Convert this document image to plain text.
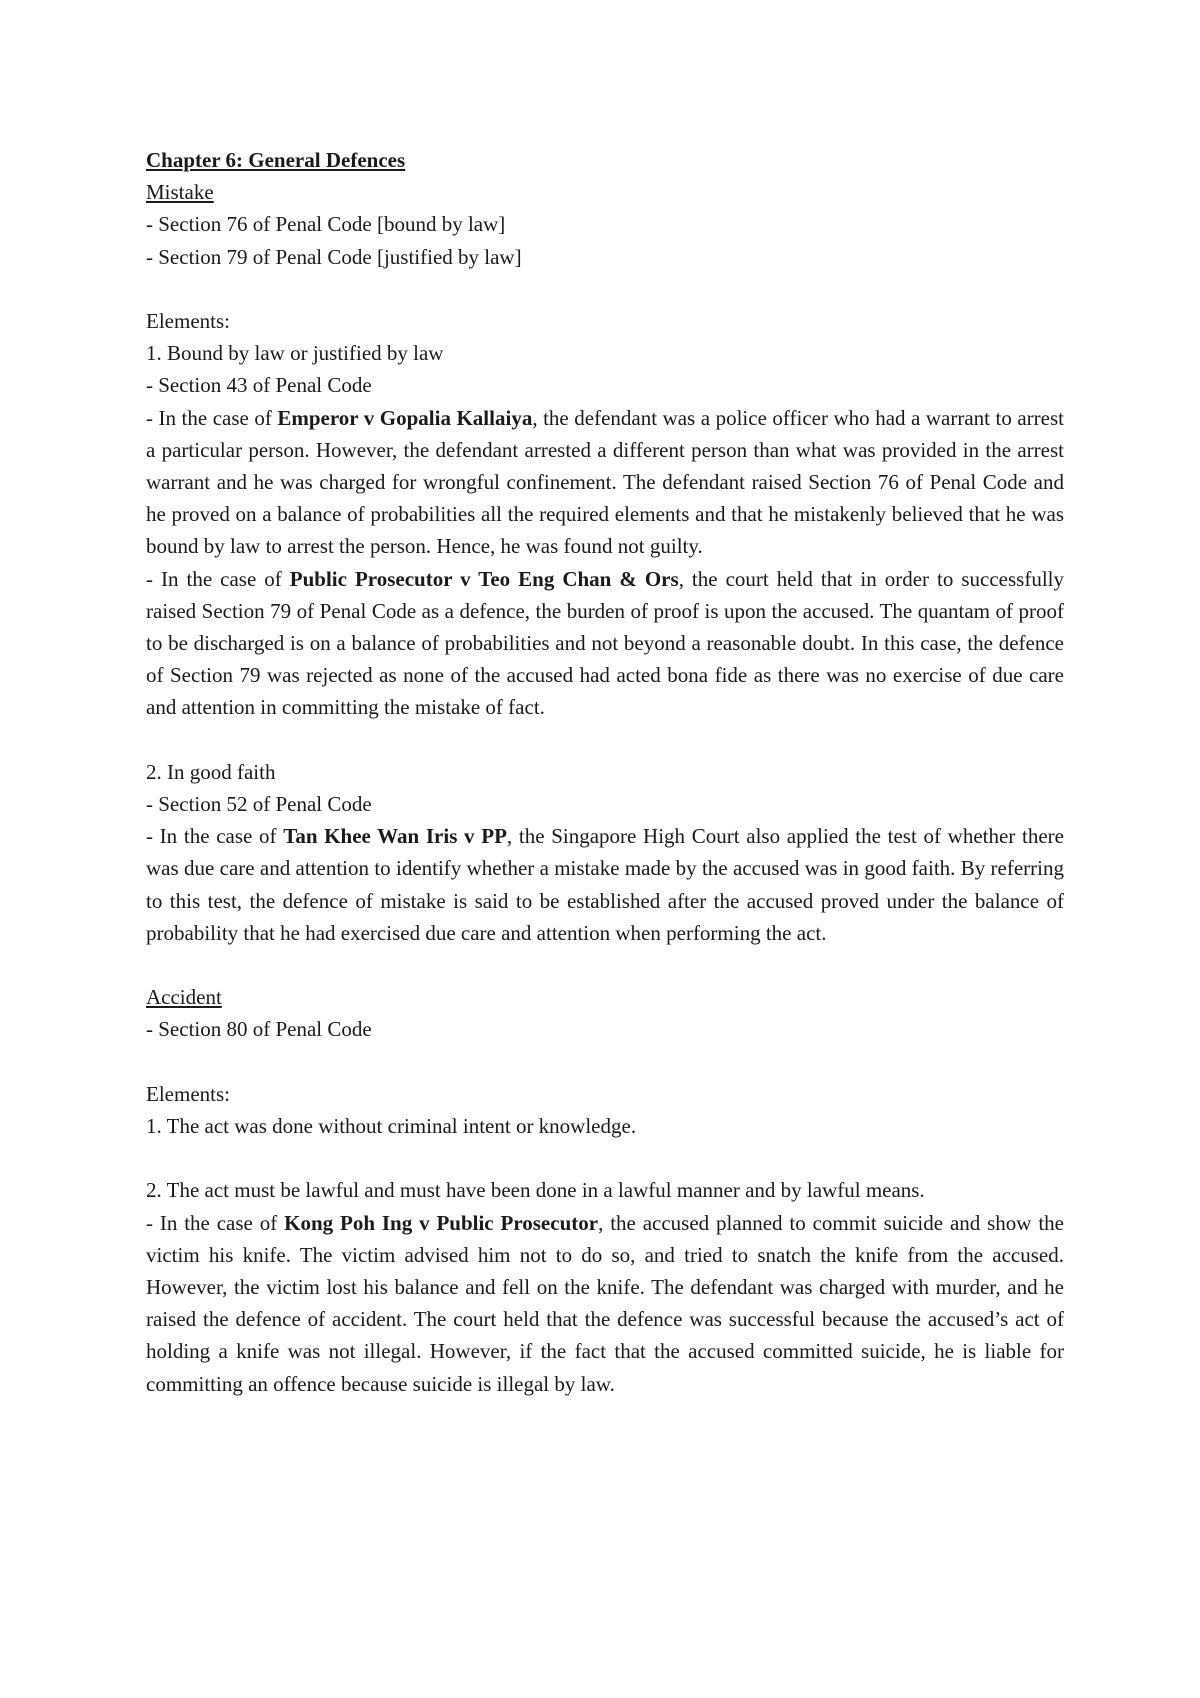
Chapter 6: General Defences
Mistake
- Section 76 of Penal Code [bound by law]
- Section 79 of Penal Code [justified by law]
Elements:
1. Bound by law or justified by law
- Section 43 of Penal Code
- In the case of Emperor v Gopalia Kallaiya, the defendant was a police officer who had a warrant to arrest a particular person. However, the defendant arrested a different person than what was provided in the arrest warrant and he was charged for wrongful confinement. The defendant raised Section 76 of Penal Code and he proved on a balance of probabilities all the required elements and that he mistakenly believed that he was bound by law to arrest the person. Hence, he was found not guilty.
- In the case of Public Prosecutor v Teo Eng Chan & Ors, the court held that in order to successfully raised Section 79 of Penal Code as a defence, the burden of proof is upon the accused. The quantam of proof to be discharged is on a balance of probabilities and not beyond a reasonable doubt. In this case, the defence of Section 79 was rejected as none of the accused had acted bona fide as there was no exercise of due care and attention in committing the mistake of fact.
2. In good faith
- Section 52 of Penal Code
- In the case of Tan Khee Wan Iris v PP, the Singapore High Court also applied the test of whether there was due care and attention to identify whether a mistake made by the accused was in good faith. By referring to this test, the defence of mistake is said to be established after the accused proved under the balance of probability that he had exercised due care and attention when performing the act.
Accident
- Section 80 of Penal Code
Elements:
1. The act was done without criminal intent or knowledge.
2. The act must be lawful and must have been done in a lawful manner and by lawful means.
- In the case of Kong Poh Ing v Public Prosecutor, the accused planned to commit suicide and show the victim his knife. The victim advised him not to do so, and tried to snatch the knife from the accused. However, the victim lost his balance and fell on the knife. The defendant was charged with murder, and he raised the defence of accident. The court held that the defence was successful because the accused’s act of holding a knife was not illegal. However, if the fact that the accused committed suicide, he is liable for committing an offence because suicide is illegal by law.
